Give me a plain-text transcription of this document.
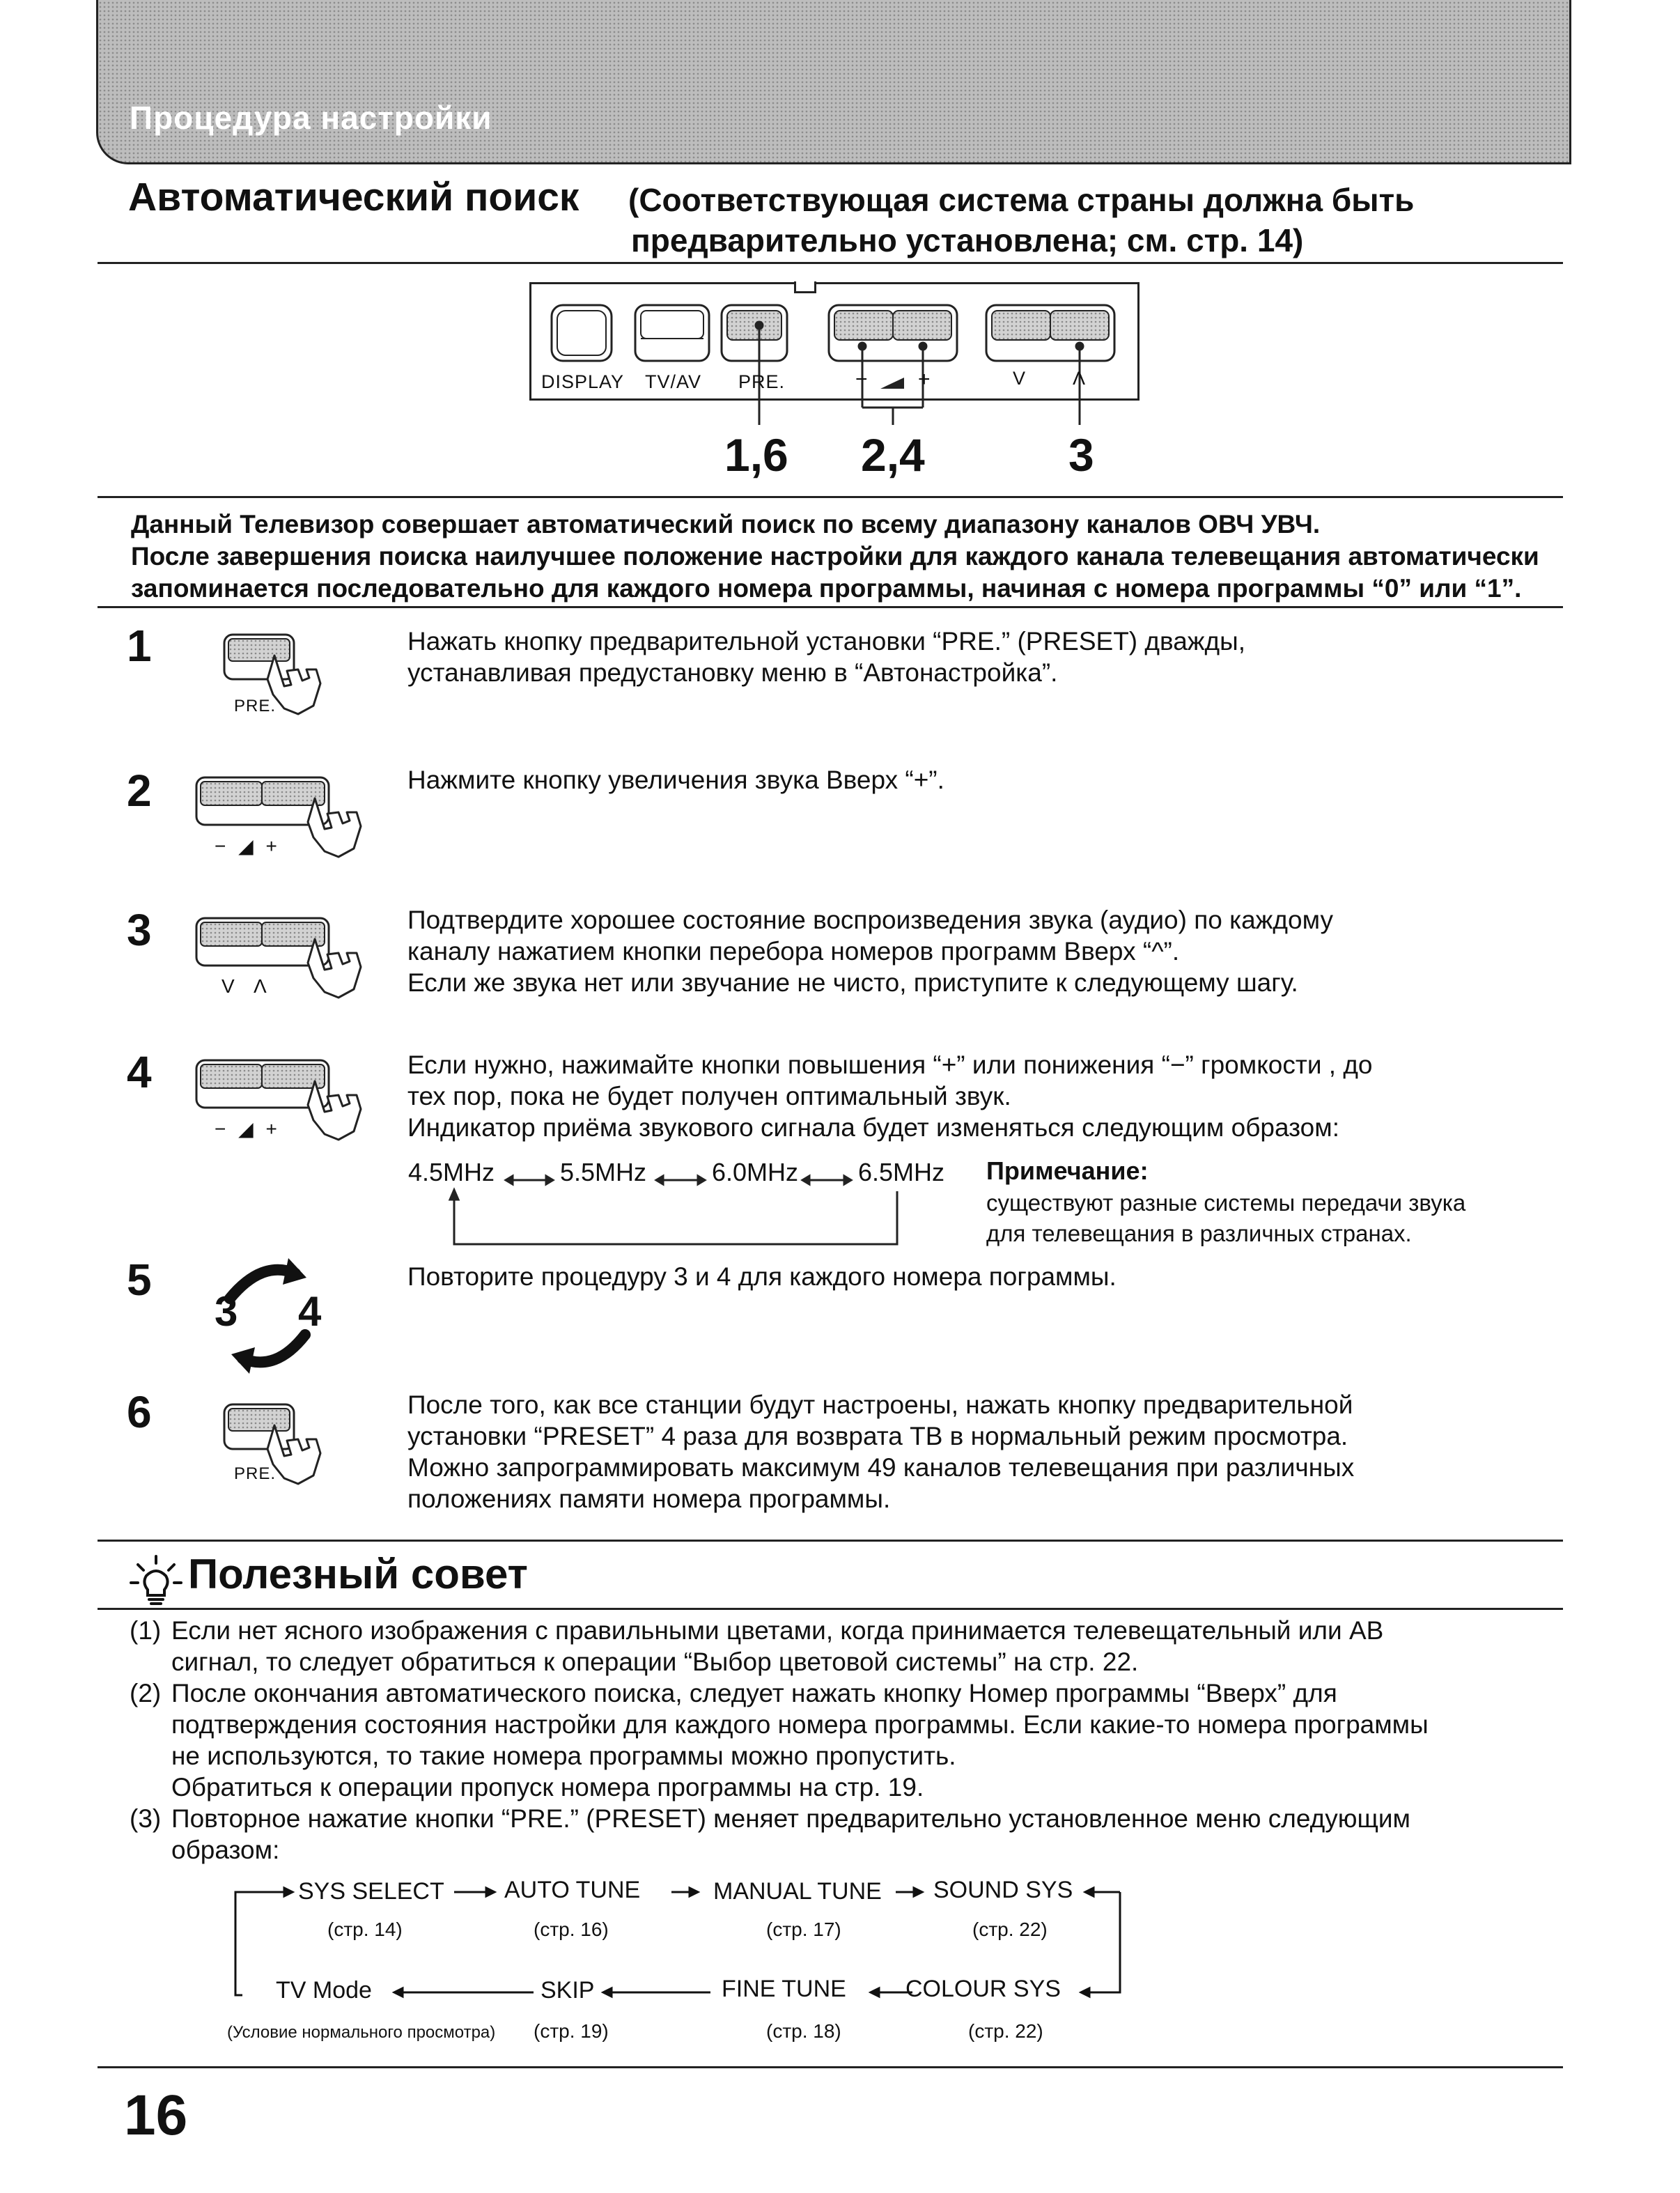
Процедура настройки
Автоматический поиск (Соответствующая система страны должна быть
предварительно установлена; см. стр. 14)
DISPLAY TV/AV PRE.	− +	V Λ
1,6 2,4	3
Данный Телевизор совершает автоматический поиск по всему диапазону каналов ОВЧ УВЧ.
После завершения поиска наилучшее положение настройки для каждого канала телевещания автоматически
запоминается последовательно для каждого номера программы, начиная с номера программы “0” или “1”.
1
PRE.
Нажать кнопку предварительной установки “PRE.” (PRESET) дважды,
устанавливая предустановку меню в “Автонастройка”.
2
− ◢ +
Нажмите кнопку увеличения звука Вверх “+”.
3
V   Λ
Подтвердите хорошее состояние воспроизведения звука (аудио) по каждому
каналу нажатием кнопки перебора номеров программ Вверх “^”.
Если же звука нет или звучание не чисто, приступите к следующему шагу.
4
− ◢ +
Если нужно, нажимайте кнопки повышения “+” или понижения “−” громкости , до
тех пор, пока не будет получен оптимальный звук.
Индикатор приёма звукового сигнала будет изменяться следующим образом:
4.5MHz	5.5MHz	6.0MHz 6.5MHz Примечание:
существуют разные системы передачи звука
для телевещания в различных странах.
5
3 4
Повторите процедуру 3 и 4 для каждого номера пограммы.
6
PRE.
После того, как все станции будут настроены, нажать кнопку предварительной
установки “PRESET” 4 раза для возврата ТВ в нормальный режим просмотра.
Можно запрограммировать максимум 49 каналов телевещания при различных
положениях памяти номера программы.
Полезный совет
(1) Если нет ясного изображения с правильными цветами, когда принимается телевещательный или АВ
сигнал, то следует обратиться к операции “Выбор цветовой системы” на стр. 22.
(2) После окончания автоматического поиска, следует нажать кнопку Номер программы “Вверх” для
подтверждения состояния настройки для каждого номера программы. Если какие-то номера программы
не используются, то такие номера программы можно пропустить.
Обратиться к операции пропуск номера программы на стр. 19.
(3) Повторное нажатие кнопки “PRE.” (PRESET) меняет предварительно установленное меню следующим
образом:
SYS SELECT	AUTO TUNE	MANUAL TUNE SOUND SYS
(стр. 14)	(стр. 16)	(стр. 17)	(стр. 22)
TV Mode	SKIP	FINE TUNE	COLOUR SYS
(Условие нормального просмотра) (стр. 19)	(стр. 18)	(стр. 22)
16
